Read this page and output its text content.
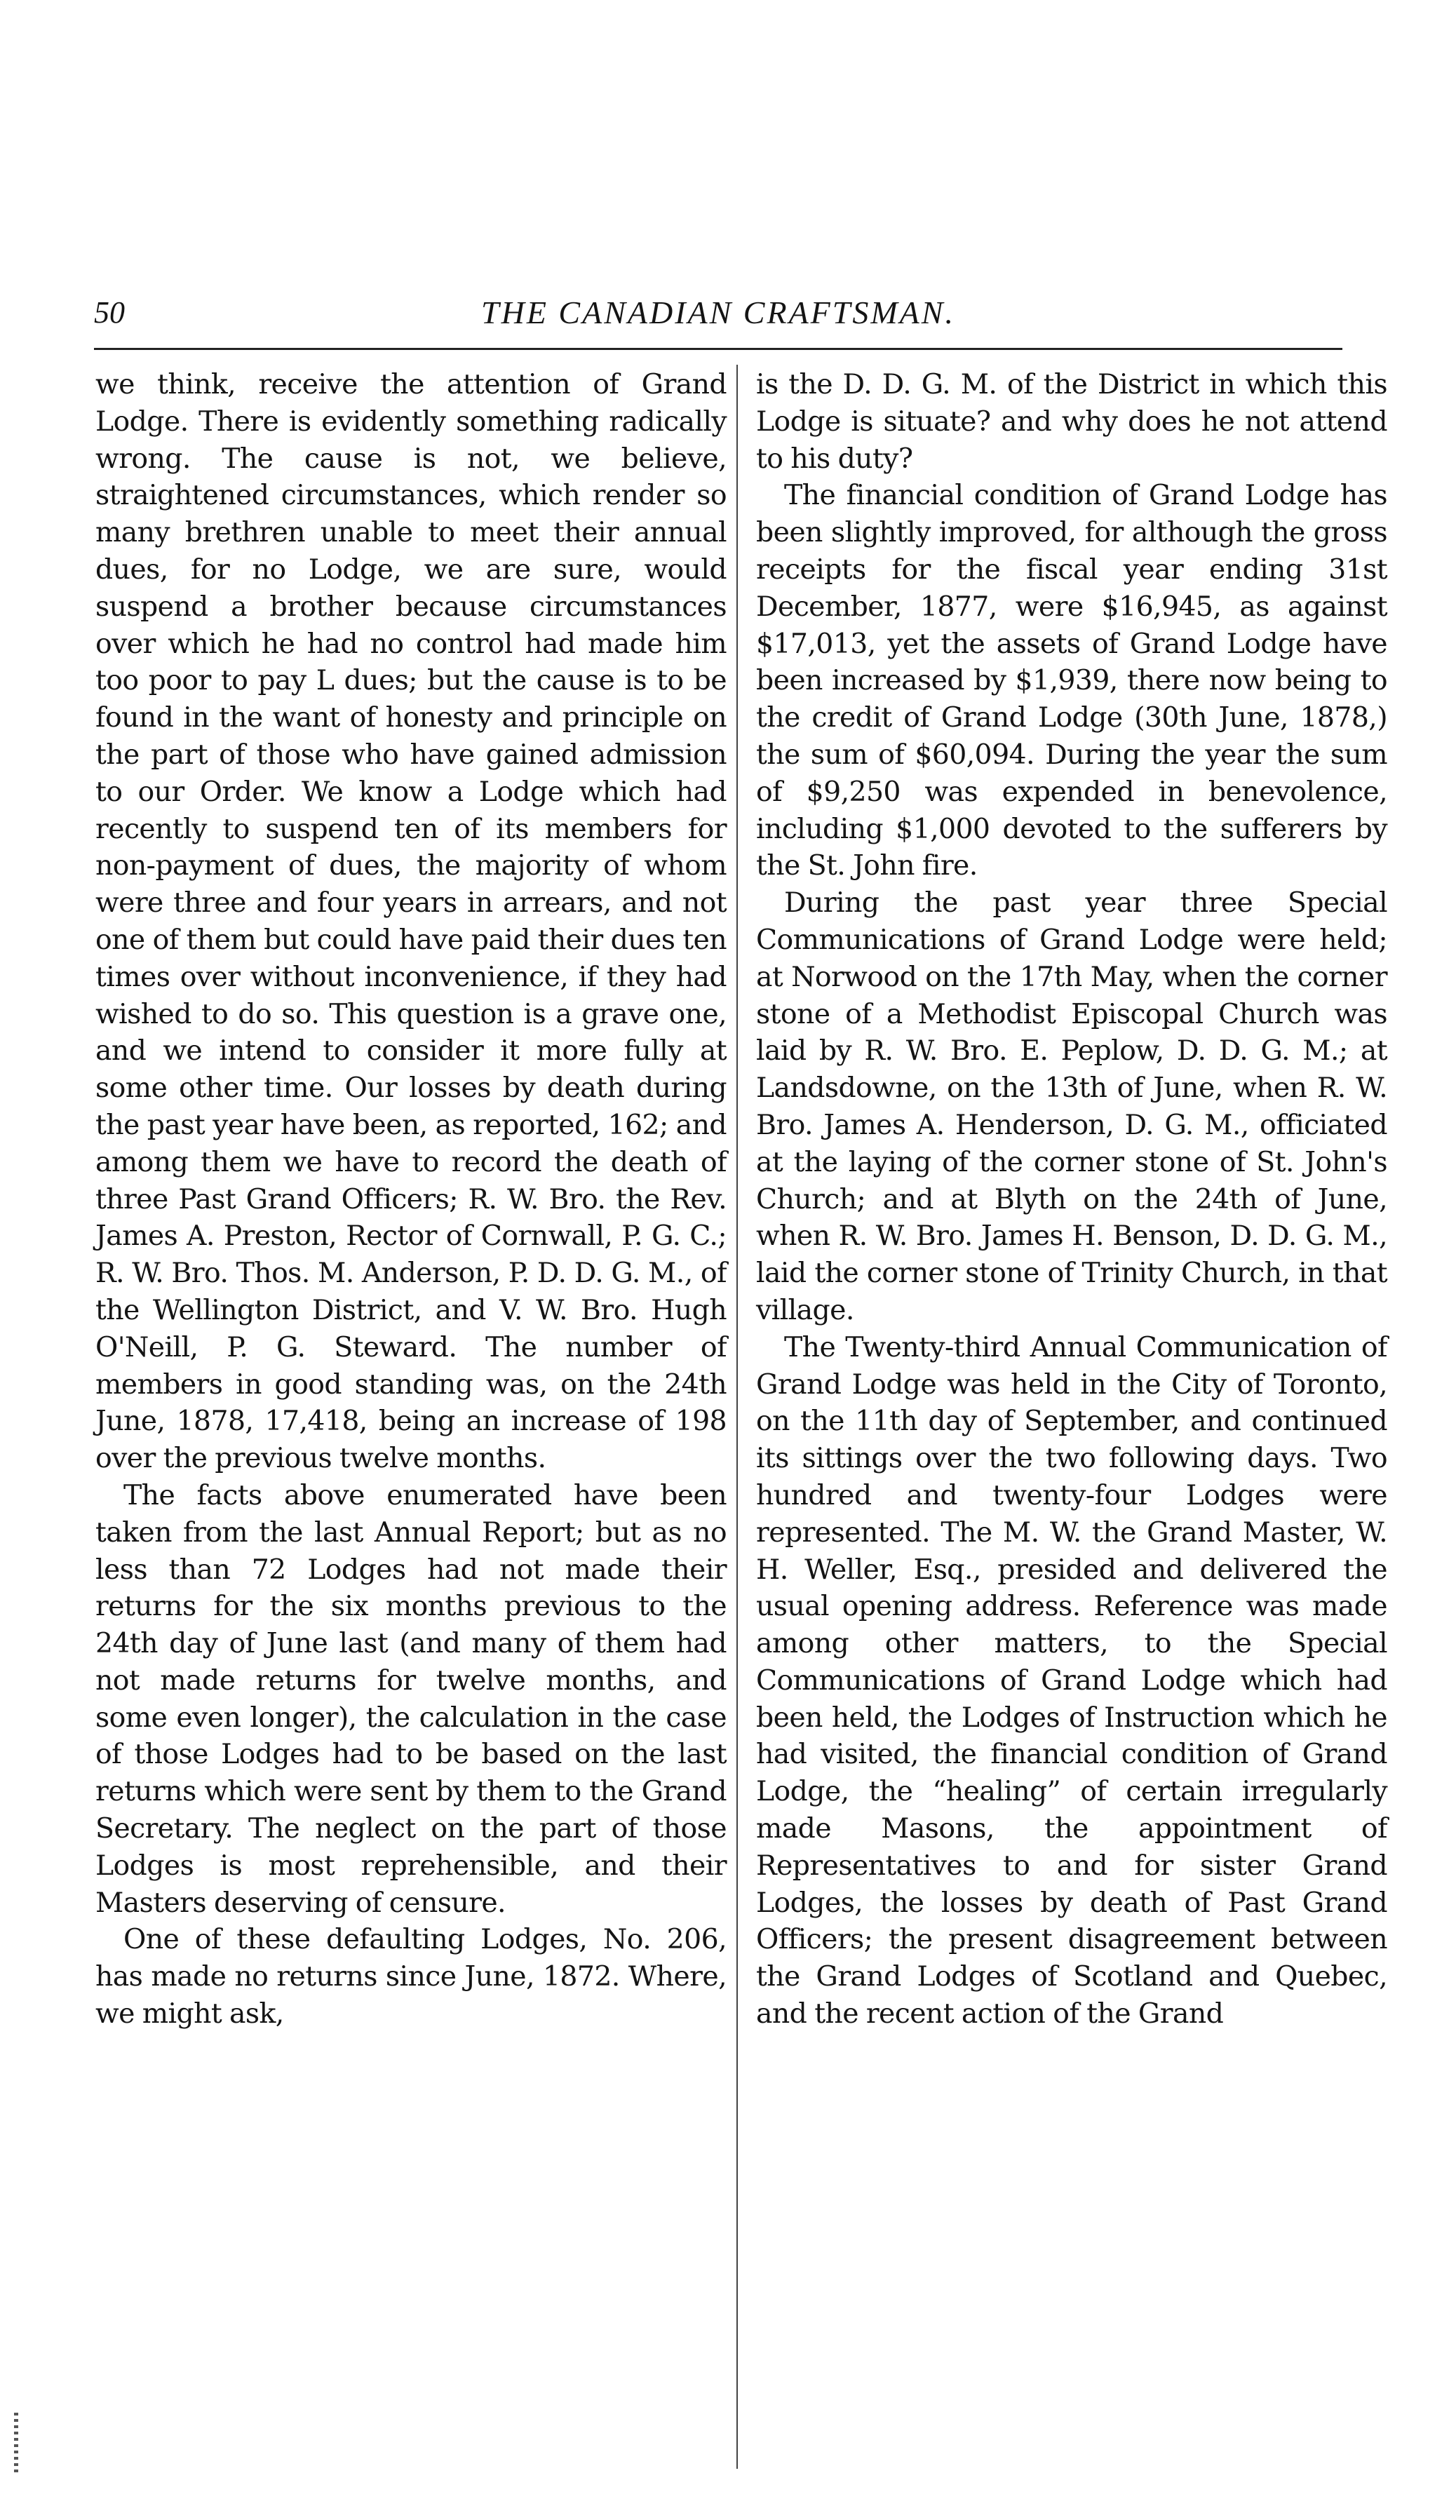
50	THE CANADIAN CRAFTSMAN.

we think, receive the attention of Grand Lodge. There is evidently something radically wrong. The cause is not, we believe, straightened circumstances, which render so many brethren unable to meet their annual dues, for no Lodge, we are sure, would suspend a brother because circumstances over which he had no control had made him too poor to pay L dues; but the cause is to be found in the want of honesty and principle on the part of those who have gained admission to our Order. We know a Lodge which had recently to suspend ten of its members for non-payment of dues, the majority of whom were three and four years in arrears, and not one of them but could have paid their dues ten times over without inconvenience, if they had wished to do so. This question is a grave one, and we intend to consider it more fully at some other time. Our losses by death during the past year have been, as reported, 162; and among them we have to record the death of three Past Grand Officers; R. W. Bro. the Rev. James A. Preston, Rector of Cornwall, P. G. C.; R. W. Bro. Thos. M. Anderson, P. D. D. G. M., of the Wellington District, and V. W. Bro. Hugh O'Neill, P. G. Steward. The number of members in good standing was, on the 24th June, 1878, 17,418, being an increase of 198 over the previous twelve months.

The facts above enumerated have been taken from the last Annual Report; but as no less than 72 Lodges had not made their returns for the six months previous to the 24th day of June last (and many of them had not made returns for twelve months, and some even longer), the calculation in the case of those Lodges had to be based on the last returns which were sent by them to the Grand Secretary. The neglect on the part of those Lodges is most reprehensible, and their Masters deserving of censure.

One of these defaulting Lodges, No. 206, has made no returns since June, 1872. Where, we might ask,

is the D. D. G. M. of the District in which this Lodge is situate? and why does he not attend to his duty?

The financial condition of Grand Lodge has been slightly improved, for although the gross receipts for the fiscal year ending 31st December, 1877, were $16,945, as against $17,013, yet the assets of Grand Lodge have been increased by $1,939, there now being to the credit of Grand Lodge (30th June, 1878,) the sum of $60,094. During the year the sum of $9,250 was expended in benevolence, including $1,000 devoted to the sufferers by the St. John fire.

During the past year three Special Communications of Grand Lodge were held; at Norwood on the 17th May, when the corner stone of a Methodist Episcopal Church was laid by R. W. Bro. E. Peplow, D. D. G. M.; at Landsdowne, on the 13th of June, when R. W. Bro. James A. Henderson, D. G. M., officiated at the laying of the corner stone of St. John's Church; and at Blyth on the 24th of June, when R. W. Bro. James H. Benson, D. D. G. M., laid the corner stone of Trinity Church, in that village.

The Twenty-third Annual Communication of Grand Lodge was held in the City of Toronto, on the 11th day of September, and continued its sittings over the two following days. Two hundred and twenty-four Lodges were represented. The M. W. the Grand Master, W. H. Weller, Esq., presided and delivered the usual opening address. Reference was made among other matters, to the Special Communications of Grand Lodge which had been held, the Lodges of Instruction which he had visited, the financial condition of Grand Lodge, the “healing” of certain irregularly made Masons, the appointment of Representatives to and for sister Grand Lodges, the losses by death of Past Grand Officers; the present disagreement between the Grand Lodges of Scotland and Quebec, and the recent action of the Grand
